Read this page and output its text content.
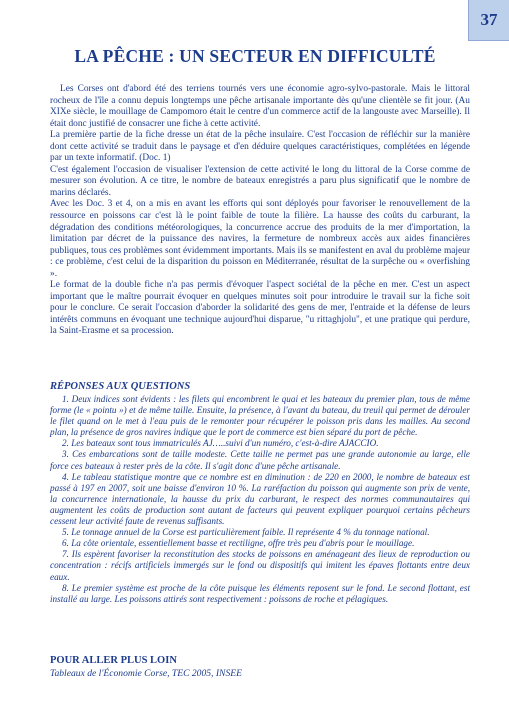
37
LA PÊCHE : UN SECTEUR EN DIFFICULTÉ

Les Corses ont d'abord été des terriens tournés vers une économie agro-sylvo-pastorale. Mais le littoral rocheux de l'île a connu depuis longtemps une pêche artisanale importante dès qu'une clientèle se fit jour. (Au XIXe siècle, le mouillage de Campomoro était le centre d'un commerce actif de la langouste avec Marseille). Il était donc justifié de consacrer une fiche à cette activité.

La première partie de la fiche dresse un état de la pêche insulaire. C'est l'occasion de réfléchir sur la manière dont cette activité se traduit dans le paysage et d'en déduire quelques caractéristiques, complétées en légende par un texte informatif. (Doc. 1)

C'est également l'occasion de visualiser l'extension de cette activité le long du littoral de la Corse comme de mesurer son évolution. A ce titre, le nombre de bateaux enregistrés a paru plus significatif que le nombre de marins déclarés.

Avec les Doc. 3 et 4, on a mis en avant les efforts qui sont déployés pour favoriser le renouvellement de la ressource en poissons car c'est là le point faible de toute la filière. La hausse des coûts du carburant, la dégradation des conditions météorologiques, la concurrence accrue des produits de la mer d'importation, la limitation par décret de la puissance des navires, la fermeture de nombreux accès aux aides financières publiques, tous ces problèmes sont évidemment importants. Mais ils se manifestent en aval du problème majeur : ce problème, c'est celui de la disparition du poisson en Méditerranée, résultat de la surpêche ou « overfishing ».

Le format de la double fiche n'a pas permis d'évoquer l'aspect sociétal de la pêche en mer. C'est un aspect important que le maître pourrait évoquer en quelques minutes soit pour introduire le travail sur la fiche soit pour le conclure. Ce serait l'occasion d'aborder la solidarité des gens de mer, l'entraide et la défense de leurs intérêts communs en évoquant une technique aujourd'hui disparue, "u rittaghjolu", et une pratique qui perdure, la Saint-Erasme et sa procession.

RÉPONSES AUX QUESTIONS

1. Deux indices sont évidents : les filets qui encombrent le quai et les bateaux du premier plan, tous de même forme (le « pointu ») et de même taille. Ensuite, la présence, à l'avant du bateau, du treuil qui permet de dérouler le filet quand on le met à l'eau puis de le remonter pour récupérer le poisson pris dans les mailles. Au second plan, la présence de gros navires indique que le port de commerce est bien séparé du port de pêche.

2. Les bateaux sont tous immatriculés AJ…..suivi d'un numéro, c'est-à-dire AJACCIO.

3. Ces embarcations sont de taille modeste. Cette taille ne permet pas une grande autonomie au large, elle force ces bateaux à rester près de la côte. Il s'agit donc d'une pêche artisanale.

4. Le tableau statistique montre que ce nombre est en diminution : de 220 en 2000, le nombre de bateaux est passé à 197 en 2007, soit une baisse d'environ 10 %. La raréfaction du poisson qui augmente son prix de vente, la concurrence internationale, la hausse du prix du carburant, le respect des normes communautaires qui augmentent les coûts de production sont autant de facteurs qui peuvent expliquer pourquoi certains pêcheurs cessent leur activité faute de revenus suffisants.

5. Le tonnage annuel de la Corse est particulièrement faible. Il représente 4 % du tonnage national.

6. La côte orientale, essentiellement basse et rectiligne, offre très peu d'abris pour le mouillage.

7. Ils espèrent favoriser la reconstitution des stocks de poissons en aménageant des lieux de reproduction ou concentration : récifs artificiels immergés sur le fond ou dispositifs qui imitent les épaves flottants entre deux eaux.

8. Le premier système est proche de la côte puisque les éléments reposent sur le fond. Le second flottant, est installé au large. Les poissons attirés sont respectivement : poissons de roche et pélagiques.

POUR ALLER PLUS LOIN

Tableaux de l'Économie Corse, TEC 2005, INSEE
